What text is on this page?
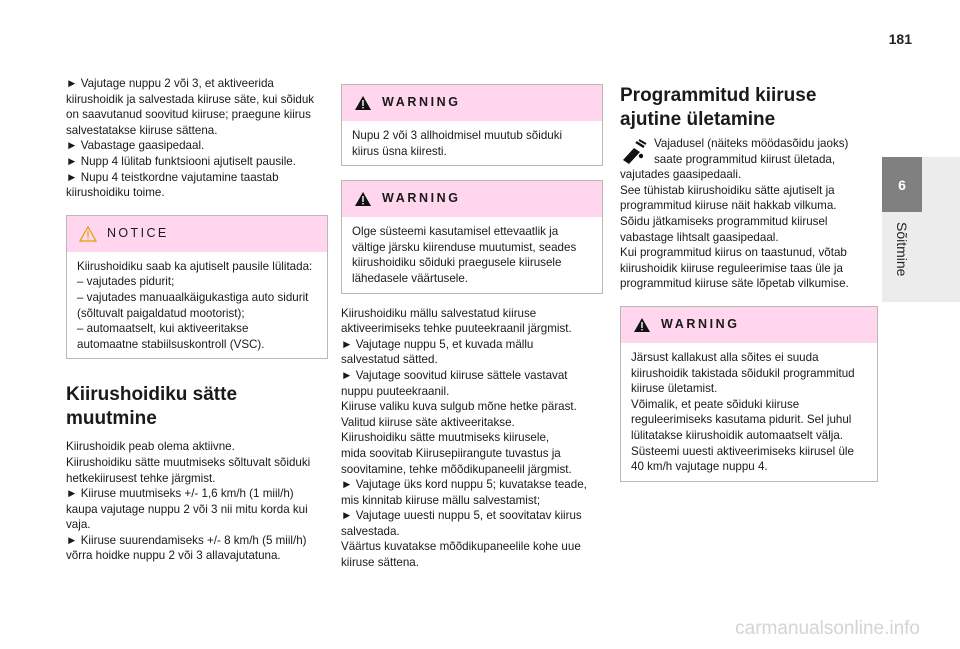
181
6
Sõitmine
► Vajutage nuppu 2 või 3, et aktiveerida
kiirushoidik ja salvestada kiiruse säte, kui sõiduk
on saavutanud soovitud kiiruse; praegune kiirus
salvestatakse kiiruse sättena.
► Vabastage gaasipedaal.
► Nupp 4 lülitab funktsiooni ajutiselt pausile.
► Nupu 4 teistkordne vajutamine taastab
kiirushoidiku toime.
NOTICE
Kiirushoidiku saab ka ajutiselt pausile lülitada:
– vajutades pidurit;
– vajutades manuaalkäigukastiga auto sidurit
(sõltuvalt paigaldatud mootorist);
– automaatselt, kui aktiveeritakse
automaatne stabiilsuskontroll (VSC).
Kiirushoidiku sätte
muutmine
Kiirushoidik peab olema aktiivne.
Kiirushoidiku sätte muutmiseks sõltuvalt sõiduki
hetkekiirusest tehke järgmist.
► Kiiruse muutmiseks +/- 1,6 km/h (1 miil/h)
kaupa vajutage nuppu 2 või 3 nii mitu korda kui
vaja.
► Kiiruse suurendamiseks +/- 8 km/h (5 miil/h)
võrra hoidke nuppu 2 või 3 allavajutatuna.
WARNING
Nupu 2 või 3 allhoidmisel muutub sõiduki
kiirus üsna kiiresti.
WARNING
Olge süsteemi kasutamisel ettevaatlik ja
vältige järsku kiirenduse muutumist, seades
kiirushoidiku sõiduki praegusele kiirusele
lähedasele väärtusele.
Kiirushoidiku mällu salvestatud kiiruse
aktiveerimiseks tehke puuteekraanil järgmist.
► Vajutage nuppu 5, et kuvada mällu
salvestatud sätted.
► Vajutage soovitud kiiruse sättele vastavat
nuppu puuteekraanil.
Kiiruse valiku kuva sulgub mõne hetke pärast.
Valitud kiiruse säte aktiveeritakse.
Kiirushoidiku sätte muutmiseks kiirusele,
mida soovitab Kiirusepiirangute tuvastus ja
soovitamine, tehke mõõdikupaneelil järgmist.
► Vajutage üks kord nuppu 5; kuvatakse teade,
mis kinnitab kiiruse mällu salvestamist;
► Vajutage uuesti nuppu 5, et soovitatav kiirus
salvestada.
Väärtus kuvatakse mõõdikupaneelile kohe uue
kiiruse sättena.
Programmitud kiiruse
ajutine ületamine
Vajadusel (näiteks möödasõidu jaoks)
saate programmitud kiirust ületada,
vajutades gaasipedaali.
See tühistab kiirushoidiku sätte ajutiselt ja
programmitud kiiruse näit hakkab vilkuma.
Sõidu jätkamiseks programmitud kiirusel
vabastage lihtsalt gaasipedaal.
Kui programmitud kiirus on taastunud, võtab
kiirushoidik kiiruse reguleerimise taas üle ja
programmitud kiiruse säte lõpetab vilkumise.
WARNING
Järsust kallakust alla sõites ei suuda
kiirushoidik takistada sõidukil programmitud
kiiruse ületamist.
Võimalik, et peate sõiduki kiiruse
reguleerimiseks kasutama pidurit. Sel juhul
lülitatakse kiirushoidik automaatselt välja.
Süsteemi uuesti aktiveerimiseks kiirusel üle
40 km/h vajutage nuppu 4.
carmanualsonline.info
